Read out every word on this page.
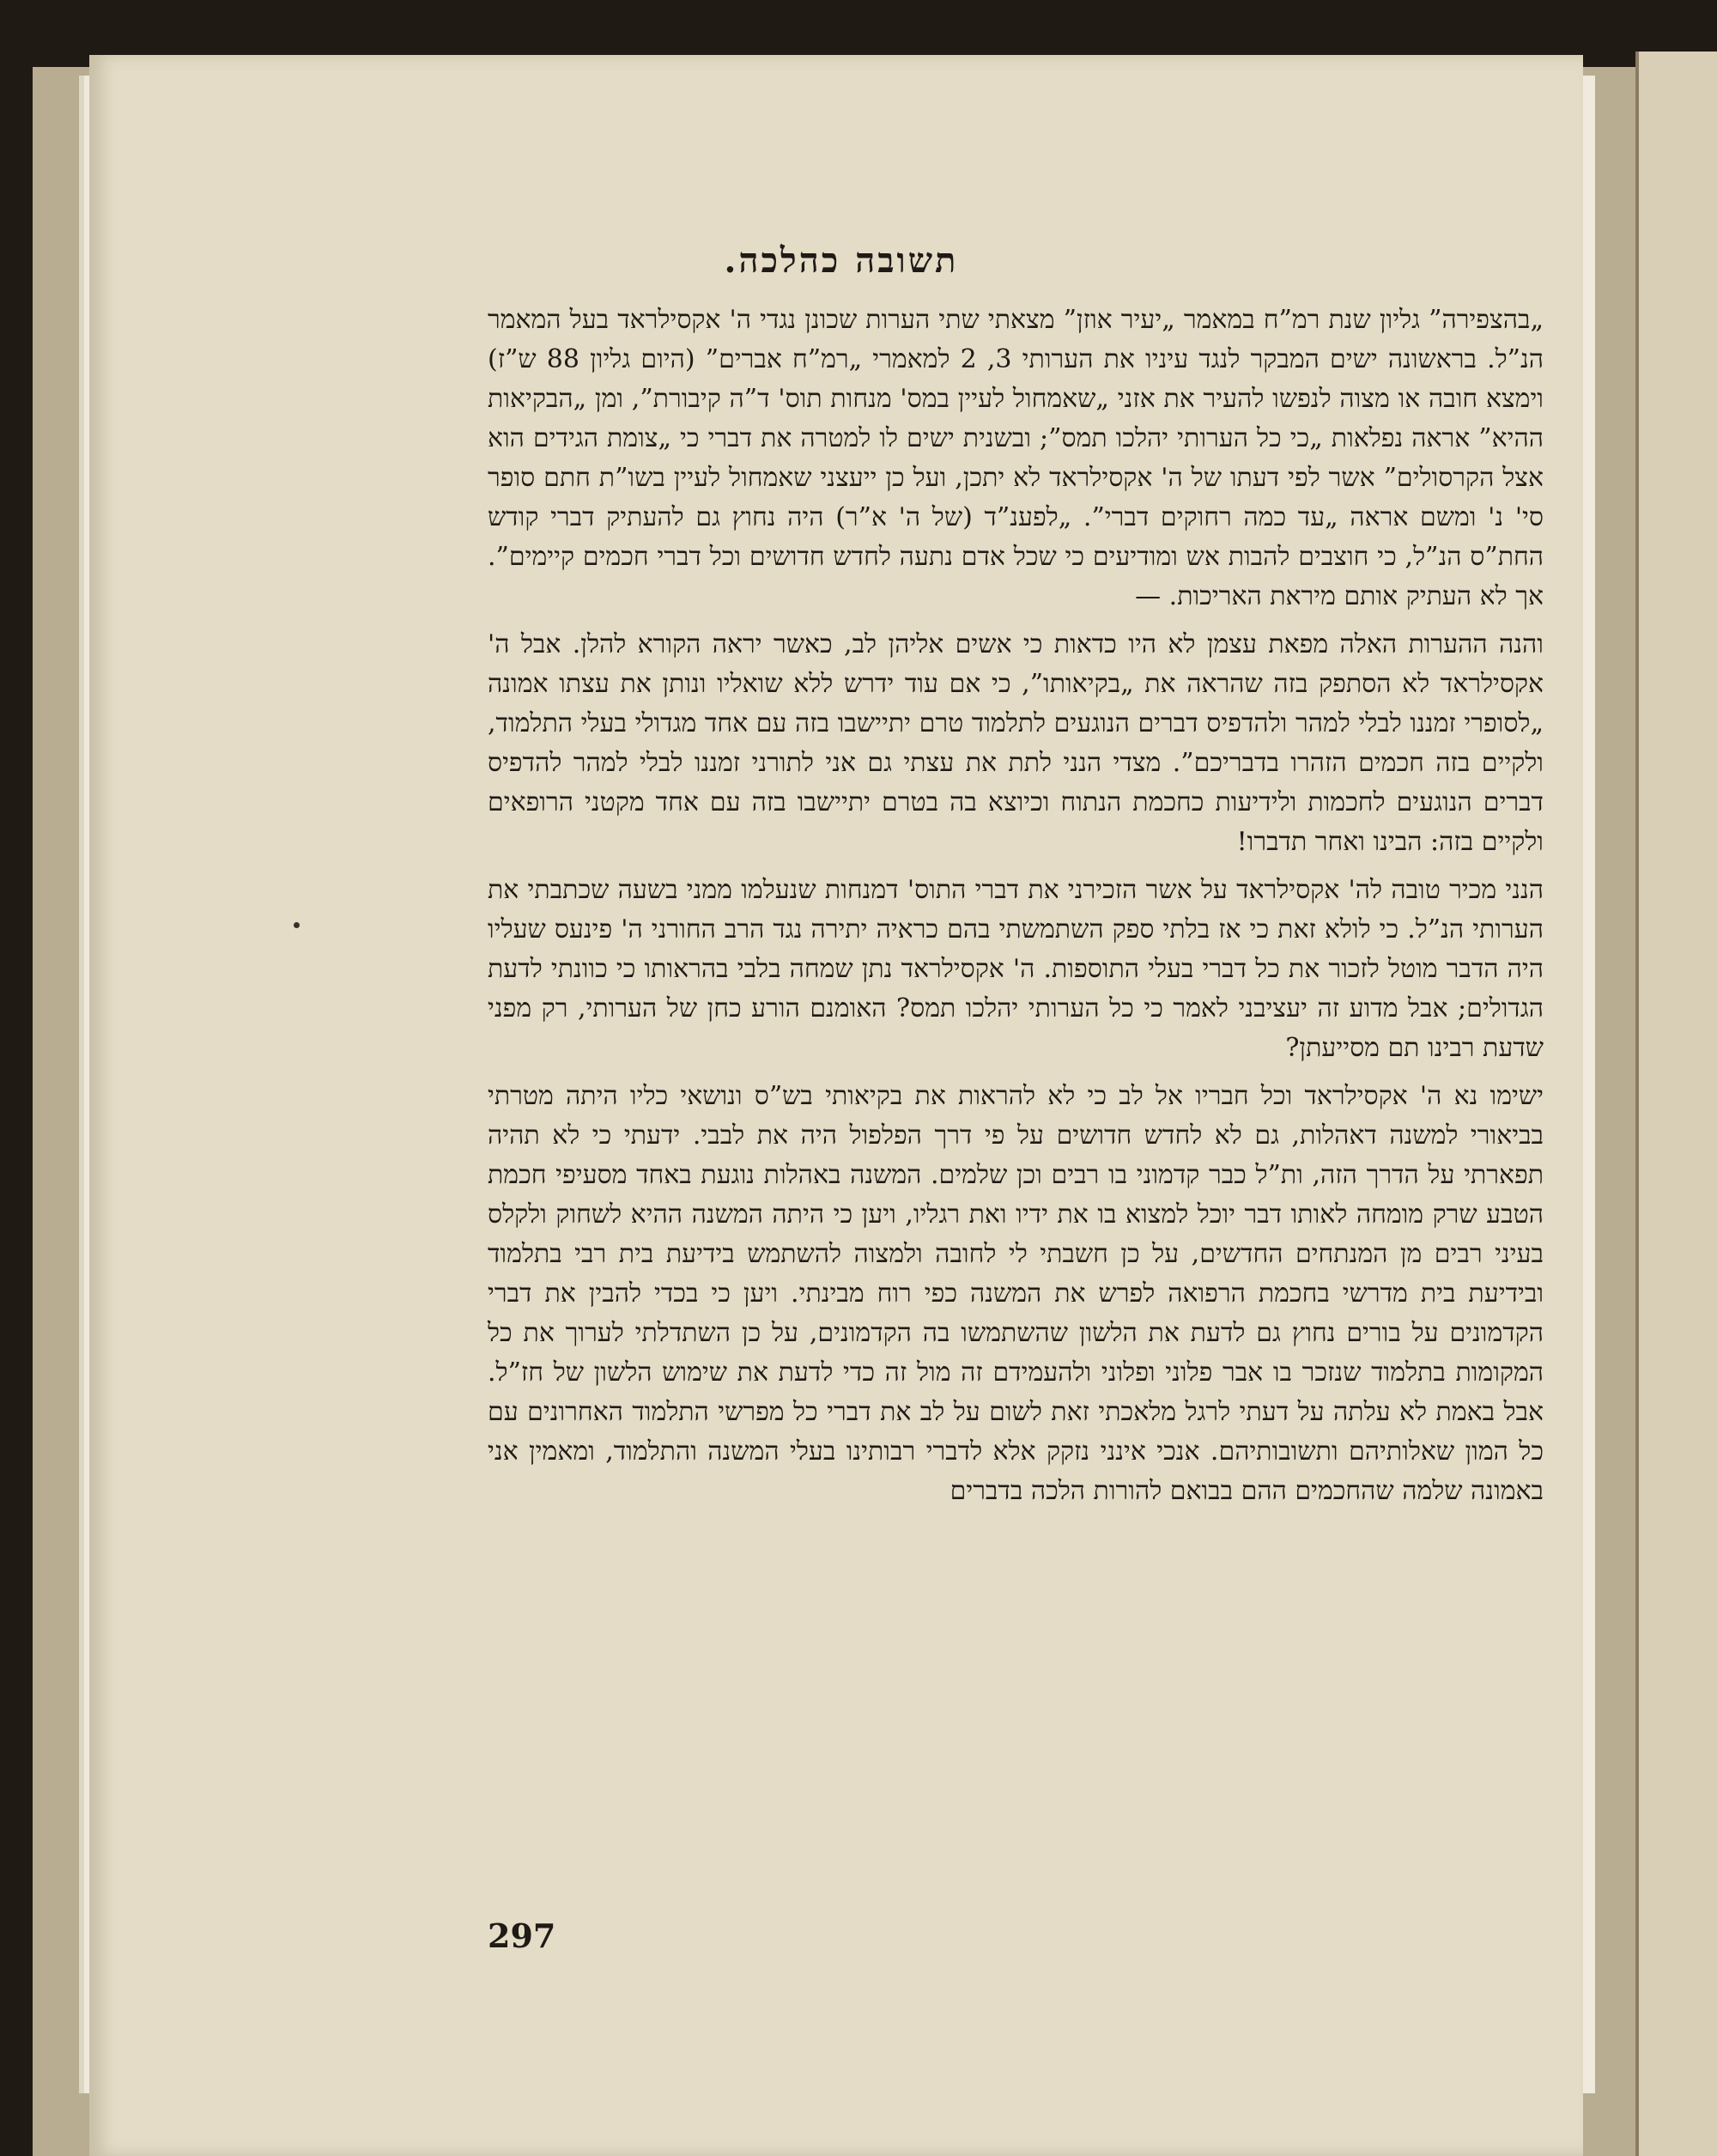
תשובה כהלכה.

„בהצפירה” גליון שנת רמ”ח במאמר „יעיר אוזן” מצאתי שתי הערות שכונן נגדי ה' אקסילראד בעל המאמר הנ”ל. בראשונה ישים המבקר לנגד עיניו את הערותי 3, 2 למאמרי „רמ”ח אברים” (היום גליון 88 ש”ז) וימצא חובה או מצוה לנפשו להעיר את אזני „שאמחול לעיין במס' מנחות תוס' ד”ה קיבורת”, ומן „הבקיאות ההיא” אראה נפלאות „כי כל הערותי יהלכו תמס”; ובשנית ישים לו למטרה את דברי כי „צומת הגידים הוא אצל הקרסולים” אשר לפי דעתו של ה' אקסילראד לא יתכן, ועל כן ייעצני שאמחול לעיין בשו”ת חתם סופר סי' נ' ומשם אראה „עד כמה רחוקים דברי”. „לפענ”ד (של ה' א”ר) היה נחוץ גם להעתיק דברי קודש החת”ס הנ”ל, כי חוצבים להבות אש ומודיעים כי שכל אדם נתעה לחדש חדושים וכל דברי חכמים קיימים”. אך לא העתיק אותם מיראת האריכות. —

והנה ההערות האלה מפאת עצמן לא היו כדאות כי אשים אליהן לב, כאשר יראה הקורא להלן. אבל ה' אקסילראד לא הסתפק בזה שהראה את „בקיאותו”, כי אם עוד ידרש ללא שואליו ונותן את עצתו אמונה „לסופרי זמננו לבלי למהר ולהדפיס דברים הנוגעים לתלמוד טרם יתיישבו בזה עם אחד מגדולי בעלי התלמוד, ולקיים בזה חכמים הזהרו בדבריכם”. מצדי הנני לתת את עצתי גם אני לתורני זמננו לבלי למהר להדפיס דברים הנוגעים לחכמות ולידיעות כחכמת הנתוח וכיוצא בה בטרם יתיישבו בזה עם אחד מקטני הרופאים ולקיים בזה: הבינו ואחר תדברו!

הנני מכיר טובה לה' אקסילראד על אשר הזכירני את דברי התוס' דמנחות שנעלמו ממני בשעה שכתבתי את הערותי הנ”ל. כי לולא זאת כי אז בלתי ספק השתמשתי בהם כראיה יתירה נגד הרב החורני ה' פינעס שעליו היה הדבר מוטל לזכור את כל דברי בעלי התוספות. ה' אקסילראד נתן שמחה בלבי בהראותו כי כוונתי לדעת הגדולים; אבל מדוע זה יעציבני לאמר כי כל הערותי יהלכו תמס? האומנם הורע כחן של הערותי, רק מפני שדעת רבינו תם מסייעתן?

ישימו נא ה' אקסילראד וכל חבריו אל לב כי לא להראות את בקיאותי בש”ס ונושאי כליו היתה מטרתי בביאורי למשנה דאהלות, גם לא לחדש חדושים על פי דרך הפלפול היה את לבבי. ידעתי כי לא תהיה תפארתי על הדרך הזה, ות”ל כבר קדמוני בו רבים וכן שלמים. המשנה באהלות נוגעת באחד מסעיפי חכמת הטבע שרק מומחה לאותו דבר יוכל למצוא בו את ידיו ואת רגליו, ויען כי היתה המשנה ההיא לשחוק ולקלס בעיני רבים מן המנתחים החדשים, על כן חשבתי לי לחובה ולמצוה להשתמש בידיעת בית רבי בתלמוד ובידיעת בית מדרשי בחכמת הרפואה לפרש את המשנה כפי רוח מבינתי. ויען כי בכדי להבין את דברי הקדמונים על בורים נחוץ גם לדעת את הלשון שהשתמשו בה הקדמונים, על כן השתדלתי לערוך את כל המקומות בתלמוד שנזכר בו אבר פלוני ופלוני ולהעמידם זה מול זה כדי לדעת את שימוש הלשון של חז”ל. אבל באמת לא עלתה על דעתי לרגל מלאכתי זאת לשום על לב את דברי כל מפרשי התלמוד האחרונים עם כל המון שאלותיהם ותשובותיהם. אנכי אינני נזקק אלא לדברי רבותינו בעלי המשנה והתלמוד, ומאמין אני באמונה שלמה שהחכמים ההם בבואם להורות הלכה בדברים

297
